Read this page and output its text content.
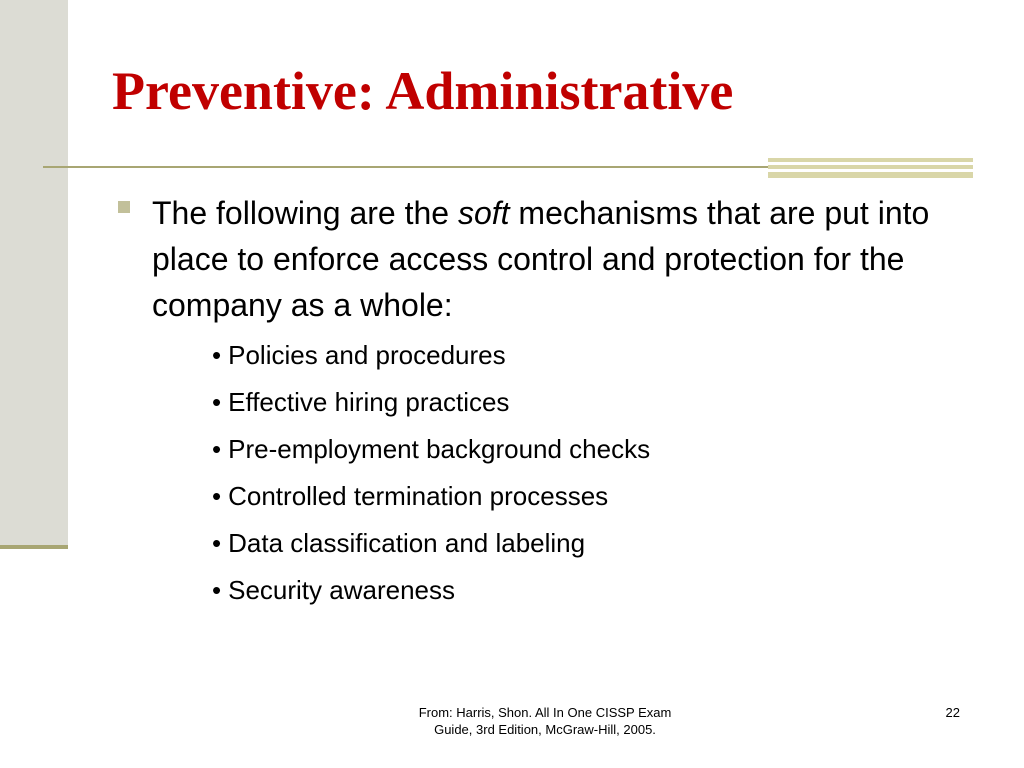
Preventive: Administrative

The following are the soft mechanisms that are put into place to enforce access control and protection for the company as a whole:

• Policies and procedures
• Effective hiring practices
• Pre-employment background checks
• Controlled termination processes
• Data classification and labeling
• Security awareness
From: Harris, Shon. All In One CISSP Exam
Guide, 3rd Edition, McGraw-Hill, 2005.
22
